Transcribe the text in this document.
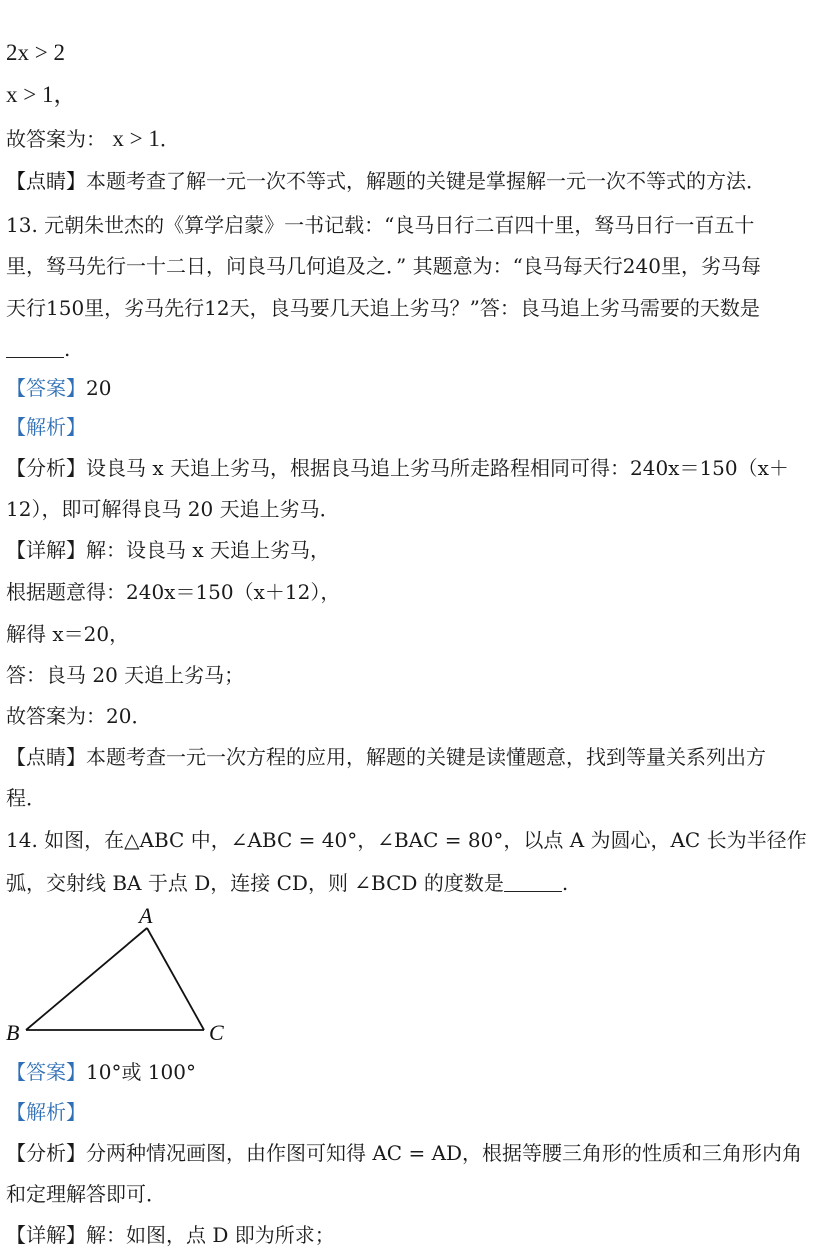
2x > 2
x > 1，
故答案为： x > 1．
【点睛】本题考查了解一元一次不等式，解题的关键是掌握解一元一次不等式的方法．
13. 元朝朱世杰的《算学启蒙》一书记载：“良马日行二百四十里，驽马日行一百五十
里，驽马先行一十二日，问良马几何追及之．” 其题意为：“良马每天行240里，劣马每
天行150里，劣马先行12天，良马要几天追上劣马？”答：良马追上劣马需要的天数是
.
【答案】20
【解析】
【分析】设良马 x 天追上劣马，根据良马追上劣马所走路程相同可得：240x＝150（x＋
12），即可解得良马 20 天追上劣马．
【详解】解：设良马 x 天追上劣马，
根据题意得：240x＝150（x＋12），
解得 x＝20，
答：良马 20 天追上劣马；
故答案为：20．
【点睛】本题考查一元一次方程的应用，解题的关键是读懂题意，找到等量关系列出方
程．
14. 如图，在△ABC 中，∠ABC = 40°，∠BAC = 80°，以点 A 为圆心，AC 长为半径作
弧，交射线 BA 于点 D，连接 CD，则 ∠BCD 的度数是	.
A
B	C
【答案】10°或 100°
【解析】
【分析】分两种情况画图，由作图可知得 AC = AD，根据等腰三角形的性质和三角形内角
和定理解答即可．
【详解】解：如图，点 D 即为所求；
